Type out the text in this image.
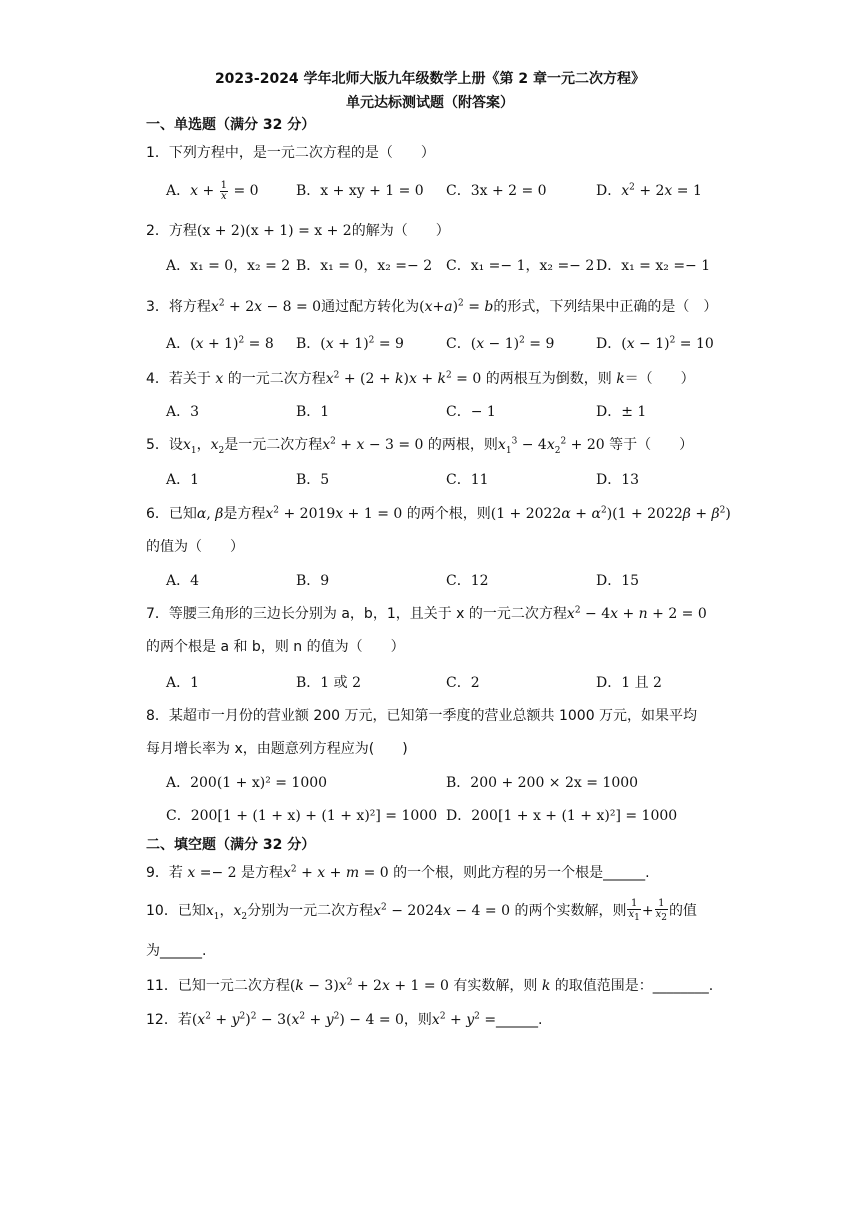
2023-2024 学年北师大版九年级数学上册《第 2 章一元二次方程》
单元达标测试题（附答案）
一、单选题（满分 32 分）
1．下列方程中，是一元二次方程的是（　　）
A．$x + \frac{1}{x} = 0$	B．x + xy + 1 = 0 C．3x + 2 = 0	D．$x^2 + 2x = 1$
2．方程(x + 2)(x + 1) = x + 2的解为（　　）
A．x₁ = 0，x₂ = 2 B．x₁ = 0，x₂ =− 2 C．x₁ =− 1，x₂ =− 2 D．x₁ = x₂ =− 1
3．将方程$x^2 + 2x - 8 = 0$通过配方转化为$(x+a)^2 = b$的形式，下列结果中正确的是（　）
A．$(x + 1)^2 = 8$ B．$(x + 1)^2 = 9$	C．$(x - 1)^2 = 9$	D．$(x - 1)^2 = 10$
4．若关于 x 的一元二次方程$x^2 + (2 + k)x + k^2 = 0$ 的两根互为倒数，则 k＝（　　）
A．3	B．1	C．− 1	D．± 1
5．设$x_1$，$x_2$是一元二次方程$x^2 + x - 3 = 0$ 的两根，则$x_1^3 - 4x_2^2 + 20$ 等于（　　）
A．1	B．5	C．11	D．13
6．已知α, β是方程$x^2 + 2019x + 1 = 0$ 的两个根，则$(1 + 2022\alpha + \alpha^2)(1 + 2022\beta + \beta^2)$
的值为（　　）
A．4	B．9	C．12	D．15
7．等腰三角形的三边长分别为 a，b，1，且关于 x 的一元二次方程$x^2 - 4x + n + 2 = 0$
的两个根是 a 和 b，则 n 的值为（　　）
A．1	B．1 或 2	C．2	D．1 且 2
8．某超市一月份的营业额 200 万元，已知第一季度的营业总额共 1000 万元，如果平均
每月增长率为 x，由题意列方程应为(　　)
A．200(1 + x)² = 1000	B．200 + 200 × 2x = 1000
C．200[1 + (1 + x) + (1 + x)²] = 1000 D．200[1 + x + (1 + x)²] = 1000
二、填空题（满分 32 分）
9．若 x =− 2 是方程$x^2 + x + m = 0$ 的一个根，则此方程的另一个根是______.
10．已知$x_1$，$x_2$分别为一元二次方程$x^2 - 2024x - 4 = 0$ 的两个实数解，则 $\frac{1}{x_1} + \frac{1}{x_2}$ 的值
为______.
11．已知一元二次方程$(k - 3)x^2 + 2x + 1 = 0$ 有实数解，则 k 的取值范围是：________.
12．若$(x^2 + y^2)^2 - 3(x^2 + y^2) - 4 = 0$，则$x^2 + y^2$ =______.
